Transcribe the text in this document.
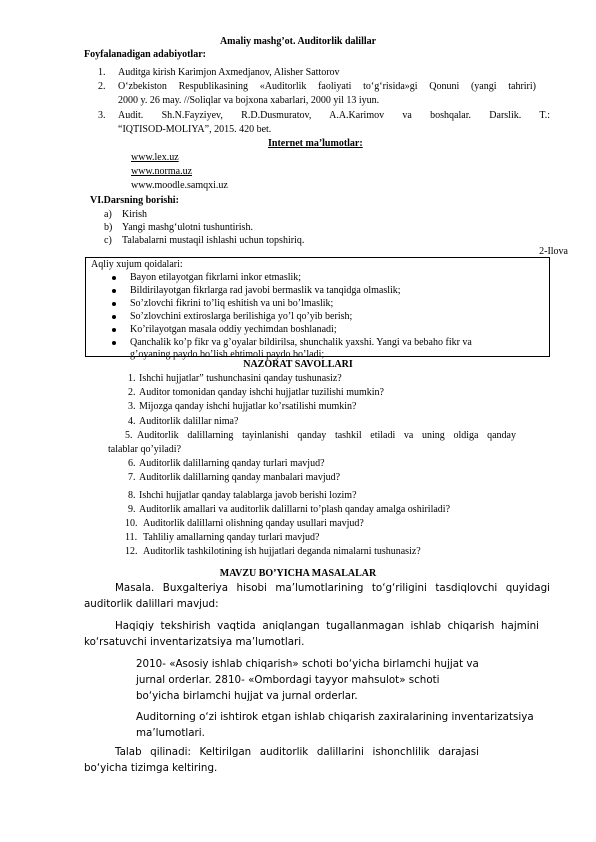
Amaliy mashg’ot. Auditorlik dalillar
Foyfalanadigan adabiyotlar:
1. Auditga kirish Karimjon Axmedjanov, Alisher Sattorov
2. O‘zbekiston Respublikasining «Auditorlik faoliyati to‘g‘risida»gi Qonuni (yangi tahriri)
2000 y. 26 may. //Soliqlar va bojxona xabarlari, 2000 yil 13 iyun.
3. Audit. Sh.N.Fayziyev, R.D.Dusmuratov, A.A.Karimov va boshqalar. Darslik. T.:
“IQTISOD-MOLIYA”, 2015. 420 bet.
Internet ma’lumotlar:
www.lex.uz
www.norma.uz
www.moodle.samqxi.uz
VI.Darsning borishi:
a) Kirish
b) Yangi mashg‘ulotni tushuntirish.
c) Talabalarni mustaqil ishlashi uchun topshiriq.
2-Ilova
Aqliy xujum qoidalari:
Bayon etilayotgan fikrlarni inkor etmaslik;
Bildirilayotgan fikrlarga rad javobi bermaslik va tanqidga olmaslik;
So’zlovchi fikrini to’liq eshitish va uni bo’lmaslik;
So’zlovchini extiroslarga berilishiga yo’l qo’yib berish;
Ko’rilayotgan masala oddiy yechimdan boshlanadi;
Qanchalik ko’p fikr va g’oyalar bildirilsa, shunchalik yaxshi. Yangi va bebaho fikr va
g’oyaning paydo bo’lish ehtimoli paydo bo’ladi;
NAZORAT SAVOLLARI
1. Ishchi hujjatlar” tushunchasini qanday tushunasiz?
2. Auditor tomonidan qanday ishchi hujjatlar tuzilishi mumkin?
3. Mijozga qanday ishchi hujjatlar ko’rsatilishi mumkin?
4. Auditorlik dalillar nima?
5. Auditorlik dalillarning tayinlanishi qanday tashkil etiladi va uning oldiga qanday
talablar qo’yiladi?
6. Auditorlik dalillarning qanday turlari mavjud?
7. Auditorlik dalillarning qanday manbalari mavjud?
8. Ishchi hujjatlar qanday talablarga javob berishi lozim?
9. Auditorlik amallari va auditorlik dalillarni to’plash qanday amalga oshiriladi?
10. Auditorlik dalillarni olishning qanday usullari mavjud?
11. Tahliliy amallarning qanday turlari mavjud?
12. Auditorlik tashkilotining ish hujjatlari deganda nimalarni tushunasiz?
MAVZU BO’YICHA MASALALAR
Masala. Buxgalteriya hisobi ma’lumotlarining to‘g‘riligini tasdiqlovchi quyidagi
auditorlik dalillari mavjud:
Haqiqiy tekshirish vaqtida aniqlangan tugallanmagan ishlab chiqarish hajmini
ko‘rsatuvchi inventarizatsiya ma’lumotlari.
2010- «Asosiy ishlab chiqarish» schoti bo‘yicha birlamchi hujjat va
jurnal orderlar. 2810- «Ombordagi tayyor mahsulot» schoti
bo‘yicha birlamchi hujjat va jurnal orderlar.
Auditorning o‘zi ishtirok etgan ishlab chiqarish zaxiralarining inventarizatsiya
ma’lumotlari.
Talab qilinadi: Keltirilgan auditorlik dalillarini ishonchlilik darajasi
bo‘yicha tizimga keltiring.
